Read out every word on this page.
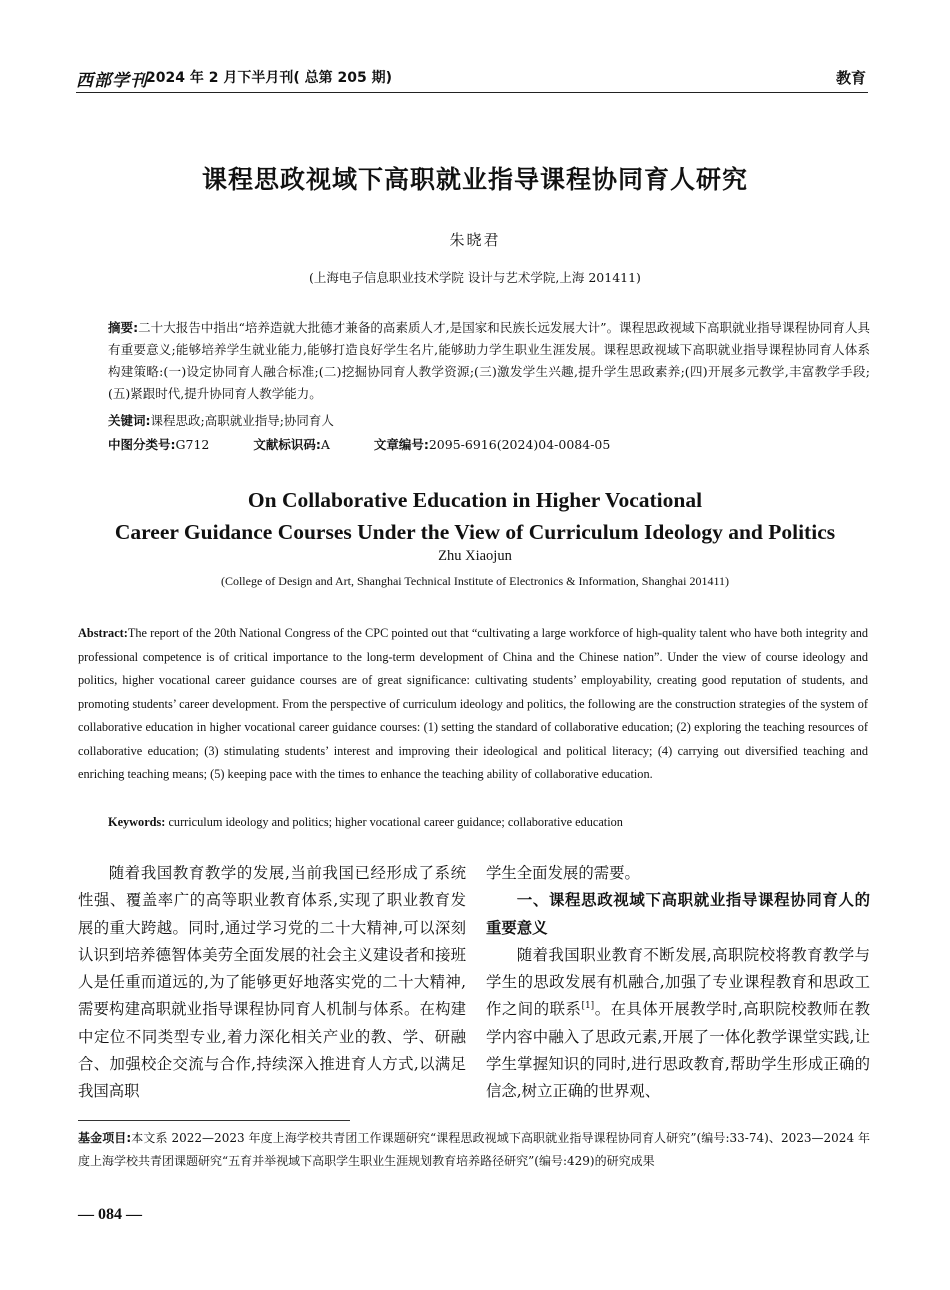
西部学刊
2024 年 2 月下半月刊( 总第 205 期)	教育
课程思政视域下高职就业指导课程协同育人研究
朱晓君
(上海电子信息职业技术学院 设计与艺术学院,上海 201411)
摘要:二十大报告中指出“培养造就大批德才兼备的高素质人才,是国家和民族长远发展大计”。课程思政视域下高职就业指导课程协同育人具有重要意义;能够培养学生就业能力,能够打造良好学生名片,能够助力学生职业生涯发展。课程思政视域下高职就业指导课程协同育人体系构建策略:(一)设定协同育人融合标准;(二)挖掘协同育人教学资源;(三)激发学生兴趣,提升学生思政素养;(四)开展多元教学,丰富教学手段;(五)紧跟时代,提升协同育人教学能力。
关键词:课程思政;高职就业指导;协同育人
中图分类号:G712	文献标识码:A	文章编号:2095-6916(2024)04-0084-05
On Collaborative Education in Higher Vocational
Career Guidance Courses Under the View of Curriculum Ideology and Politics
Zhu Xiaojun
(College of Design and Art, Shanghai Technical Institute of Electronics & Information, Shanghai 201411)
Abstract:The report of the 20th National Congress of the CPC pointed out that “cultivating a large workforce of high-quality talent who have both integrity and professional competence is of critical importance to the long-term development of China and the Chinese nation”. Under the view of course ideology and politics, higher vocational career guidance courses are of great significance: cultivating students’ employability, creating good reputation of students, and promoting students’ career development. From the perspective of curriculum ideology and politics, the following are the construction strategies of the system of collaborative education in higher vocational career guidance courses: (1) setting the standard of collaborative education; (2) exploring the teaching resources of collaborative education; (3) stimulating students’ interest and improving their ideological and political literacy; (4) carrying out diversified teaching and enriching teaching means; (5) keeping pace with the times to enhance the teaching ability of collaborative education.
Keywords: curriculum ideology and politics; higher vocational career guidance; collaborative education
随着我国教育教学的发展,当前我国已经形成了系统性强、覆盖率广的高等职业教育体系,实现了职业教育发展的重大跨越。同时,通过学习党的二十大精神,可以深刻认识到培养德智体美劳全面发展的社会主义建设者和接班人是任重而道远的,为了能够更好地落实党的二十大精神,需要构建高职就业指导课程协同育人机制与体系。在构建中定位不同类型专业,着力深化相关产业的教、学、研融合、加强校企交流与合作,持续深入推进育人方式,以满足我国高职
学生全面发展的需要。
一、课程思政视域下高职就业指导课程协同育人的重要意义
随着我国职业教育不断发展,高职院校将教育教学与学生的思政发展有机融合,加强了专业课程教育和思政工作之间的联系[1]。在具体开展教学时,高职院校教师在教学内容中融入了思政元素,开展了一体化教学课堂实践,让学生掌握知识的同时,进行思政教育,帮助学生形成正确的信念,树立正确的世界观、
基金项目:本文系 2022—2023 年度上海学校共青团工作课题研究“课程思政视域下高职就业指导课程协同育人研究”(编号:33-74)、2023—2024 年度上海学校共青团课题研究“五育并举视域下高职学生职业生涯规划教育培养路径研究”(编号:429)的研究成果
— 084 —
